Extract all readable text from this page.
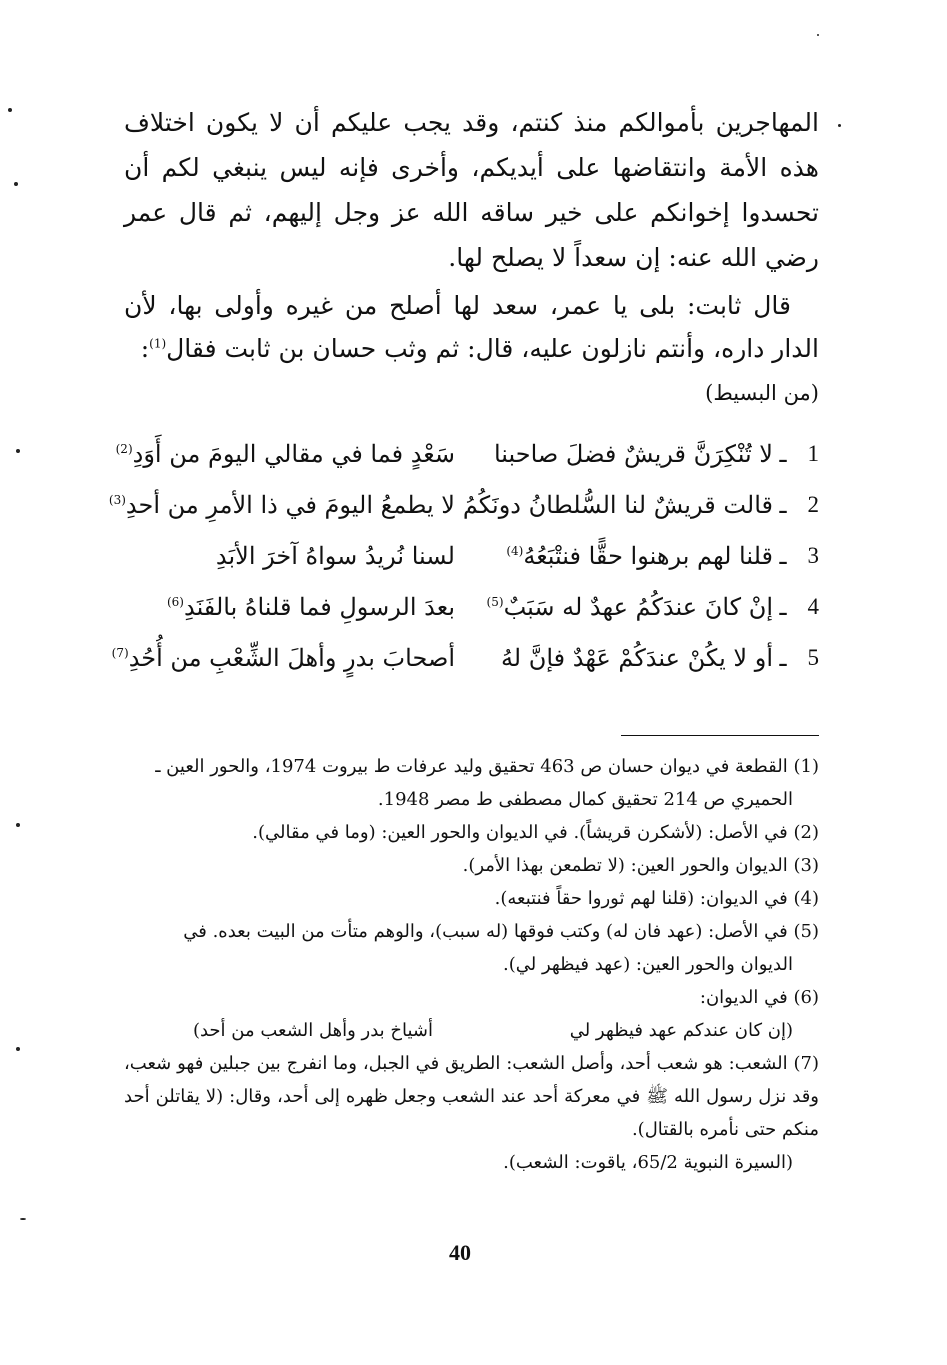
المهاجرين بأموالكم منذ كنتم، وقد يجب عليكم أن لا يكون اختلاف هذه الأمة وانتقاضها على أيديكم، وأخرى فإنه ليس ينبغي لكم أن تحسدوا إخوانكم على خير ساقه الله عز وجل إليهم، ثم قال عمر رضي الله عنه: إن سعداً لا يصلح لها.

قال ثابت: بلى يا عمر، سعد لها أصلح من غيره وأولى بها، لأن الدار داره، وأنتم نازلون عليه، قال: ثم وثب حسان بن ثابت فقال$^{(1)}$:

(من البسيط)

1
ـ
لا تُنْكِرَنَّ قريشٌ فضلَ صاحبنا
سَعْدٍ فما في مقالي اليومَ من أَوَدِ$^{(2)}$
2
ـ
قالت قريشٌ لنا السُّلطانُ دونَكُمُ
لا يطمعُ اليومَ في ذا الأمرِ من أحدِ$^{(3)}$
3
ـ
قلنا لهم برهنوا حقًّا فنتْبَعُهُ$^{(4)}$
لسنا نُريدُ سواهُ آخرَ الأبَدِ
4
ـ
إنْ كانَ عندَكُمُ عهدٌ له سَبَبٌ$^{(5)}$
بعدَ الرسولِ فما قلناهُ بالفَنَدِ$^{(6)}$
5
ـ
أو لا يكُنْ عندَكُمْ عَهْدٌ فإنَّ لهُ
أصحابَ بدرٍ وأهلَ الشِّعْبِ من أُحُدِ$^{(7)}$
(1) القطعة في ديوان حسان ص 463 تحقيق وليد عرفات ط بيروت 1974، والحور العين ـ
الحميري ص 214 تحقيق كمال مصطفى ط مصر 1948.
(2) في الأصل: (لأشكرن قريشاً). في الديوان والحور العين: (وما في مقالي).
(3) الديوان والحور العين: (لا تطمعن بهذا الأمر).
(4) في الديوان: (قلنا لهم ثوروا حقاً فنتبعه).
(5) في الأصل: (عهد فان له) وكتب فوقها (له سبب)، والوهم متأت من البيت بعده. في
الديوان والحور العين: (عهد فيظهر لي).
(6) في الديوان:
(إن كان عندكم عهد فيظهر لي
أشياخ بدر وأهل الشعب من أحد)
(7) الشعب: هو شعب أحد، وأصل الشعب: الطريق في الجبل، وما انفرج بين جبلين فهو شعب، وقد نزل رسول الله ﷺ في معركة أحد عند الشعب وجعل ظهره إلى أحد، وقال: (لا يقاتلن أحد منكم حتى نأمره بالقتال).
(السيرة النبوية 65/2، ياقوت: الشعب).
40
